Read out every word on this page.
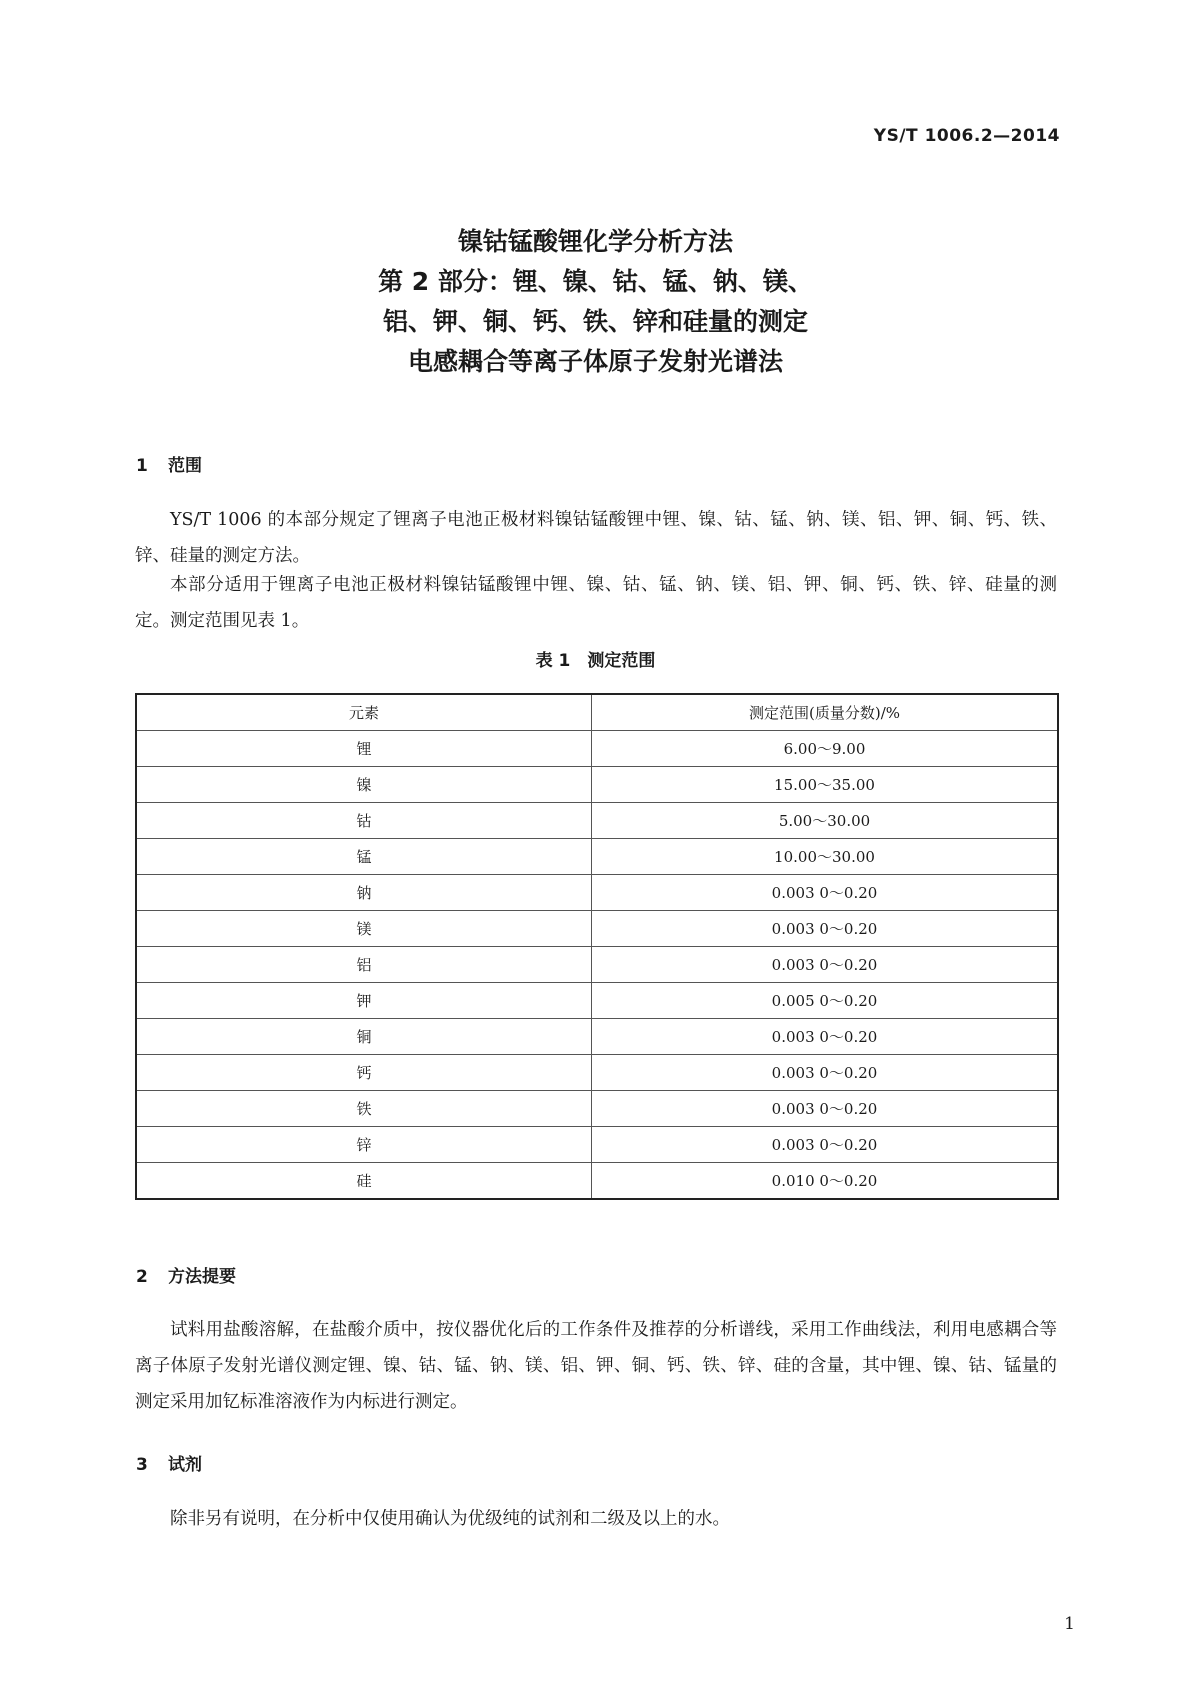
YS/T 1006.2—2014
镍钴锰酸锂化学分析方法
第 2 部分：锂、镍、钴、锰、钠、镁、
铝、钾、铜、钙、铁、锌和硅量的测定
电感耦合等离子体原子发射光谱法
1 范围
YS/T 1006 的本部分规定了锂离子电池正极材料镍钴锰酸锂中锂、镍、钴、锰、钠、镁、铝、钾、铜、钙、铁、锌、硅量的测定方法。
本部分适用于锂离子电池正极材料镍钴锰酸锂中锂、镍、钴、锰、钠、镁、铝、钾、铜、钙、铁、锌、硅量的测定。测定范围见表 1。
表 1　测定范围
元素	测定范围(质量分数)/%
锂	6.00～9.00
镍	15.00～35.00
钴	5.00～30.00
锰	10.00～30.00
钠	0.003 0～0.20
镁	0.003 0～0.20
铝	0.003 0～0.20
钾	0.005 0～0.20
铜	0.003 0～0.20
钙	0.003 0～0.20
铁	0.003 0～0.20
锌	0.003 0～0.20
硅	0.010 0～0.20
2 方法提要
试料用盐酸溶解，在盐酸介质中，按仪器优化后的工作条件及推荐的分析谱线，采用工作曲线法，利用电感耦合等离子体原子发射光谱仪测定锂、镍、钴、锰、钠、镁、铝、钾、铜、钙、铁、锌、硅的含量，其中锂、镍、钴、锰量的测定采用加钇标准溶液作为内标进行测定。
3 试剂
除非另有说明，在分析中仅使用确认为优级纯的试剂和二级及以上的水。
1
